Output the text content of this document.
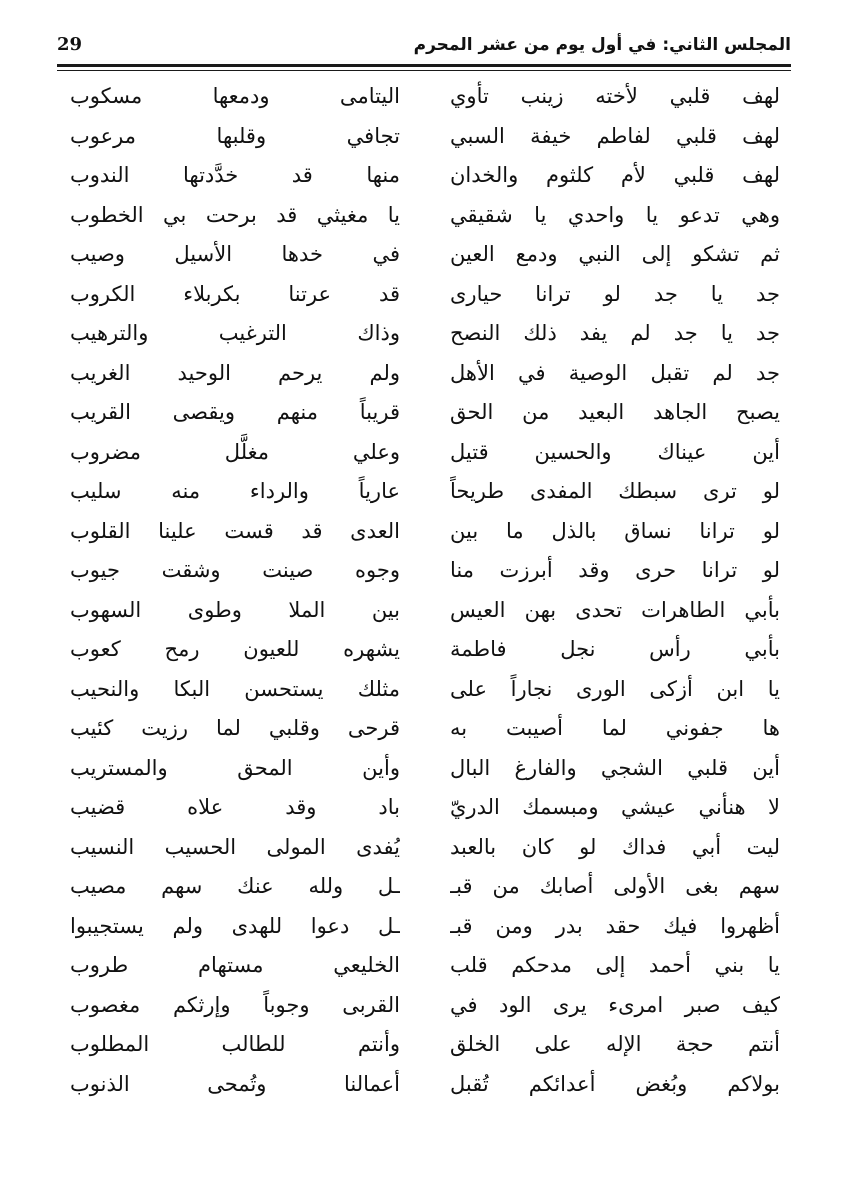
المجلس الثاني: في أول يوم من عشر المحرم
29
لهف قلبي لأخته زينب تأوي
اليتامى ودمعها مسكوب
لهف قلبي لفاطم خيفة السبي
تجافي وقلبها مرعوب
لهف قلبي لأم كلثوم والخدان
منها قد خدَّدتها الندوب
وهي تدعو يا واحدي يا شقيقي
يا مغيثي قد برحت بي الخطوب
ثم تشكو إلى النبي ودمع العين
في خدها الأسيل وصيب
جد يا جد لو ترانا حيارى
قد عرتنا بكربلاء الكروب
جد يا جد لم يفد ذلك النصح
وذاك الترغيب والترهيب
جد لم تقبل الوصية في الأهل
ولم يرحم الوحيد الغريب
يصبح الجاهد البعيد من الحق
قريباً منهم ويقصى القريب
أين عيناك والحسين قتيل
وعلي مغلَّل مضروب
لو ترى سبطك المفدى طريحاً
عارياً والرداء منه سليب
لو ترانا نساق بالذل ما بين
العدى قد قست علينا القلوب
لو ترانا حرى وقد أبرزت منا
وجوه صينت وشقت جيوب
بأبي الطاهرات تحدى بهن العيس
بين الملا وطوى السهوب
بأبي رأس نجل فاطمة
يشهره للعيون رمح كعوب
يا ابن أزكى الورى نجاراً على
مثلك يستحسن البكا والنحيب
ها جفوني لما أصيبت به
قرحى وقلبي لما رزيت كئيب
أين قلبي الشجي والفارغ البال
وأين المحق والمستريب
لا هنأني عيشي ومبسمك الدريّ
باد وقد علاه قضيب
ليت أبي فداك لو كان بالعبد
يُفدى المولى الحسيب النسيب
سهم بغى الأولى أصابك من قبـ
ـل ولله عنك سهم مصيب
أظهروا فيك حقد بدر ومن قبـ
ـل دعوا للهدى ولم يستجيبوا
يا بني أحمد إلى مدحكم قلب
الخليعي مستهام طروب
كيف صبر امرىء يرى الود في
القربى وجوباً وإرثكم مغصوب
أنتم حجة الإله على الخلق
وأنتم للطالب المطلوب
بولاكم وبُغض أعدائكم تُقبل
أعمالنا وتُمحى الذنوب
